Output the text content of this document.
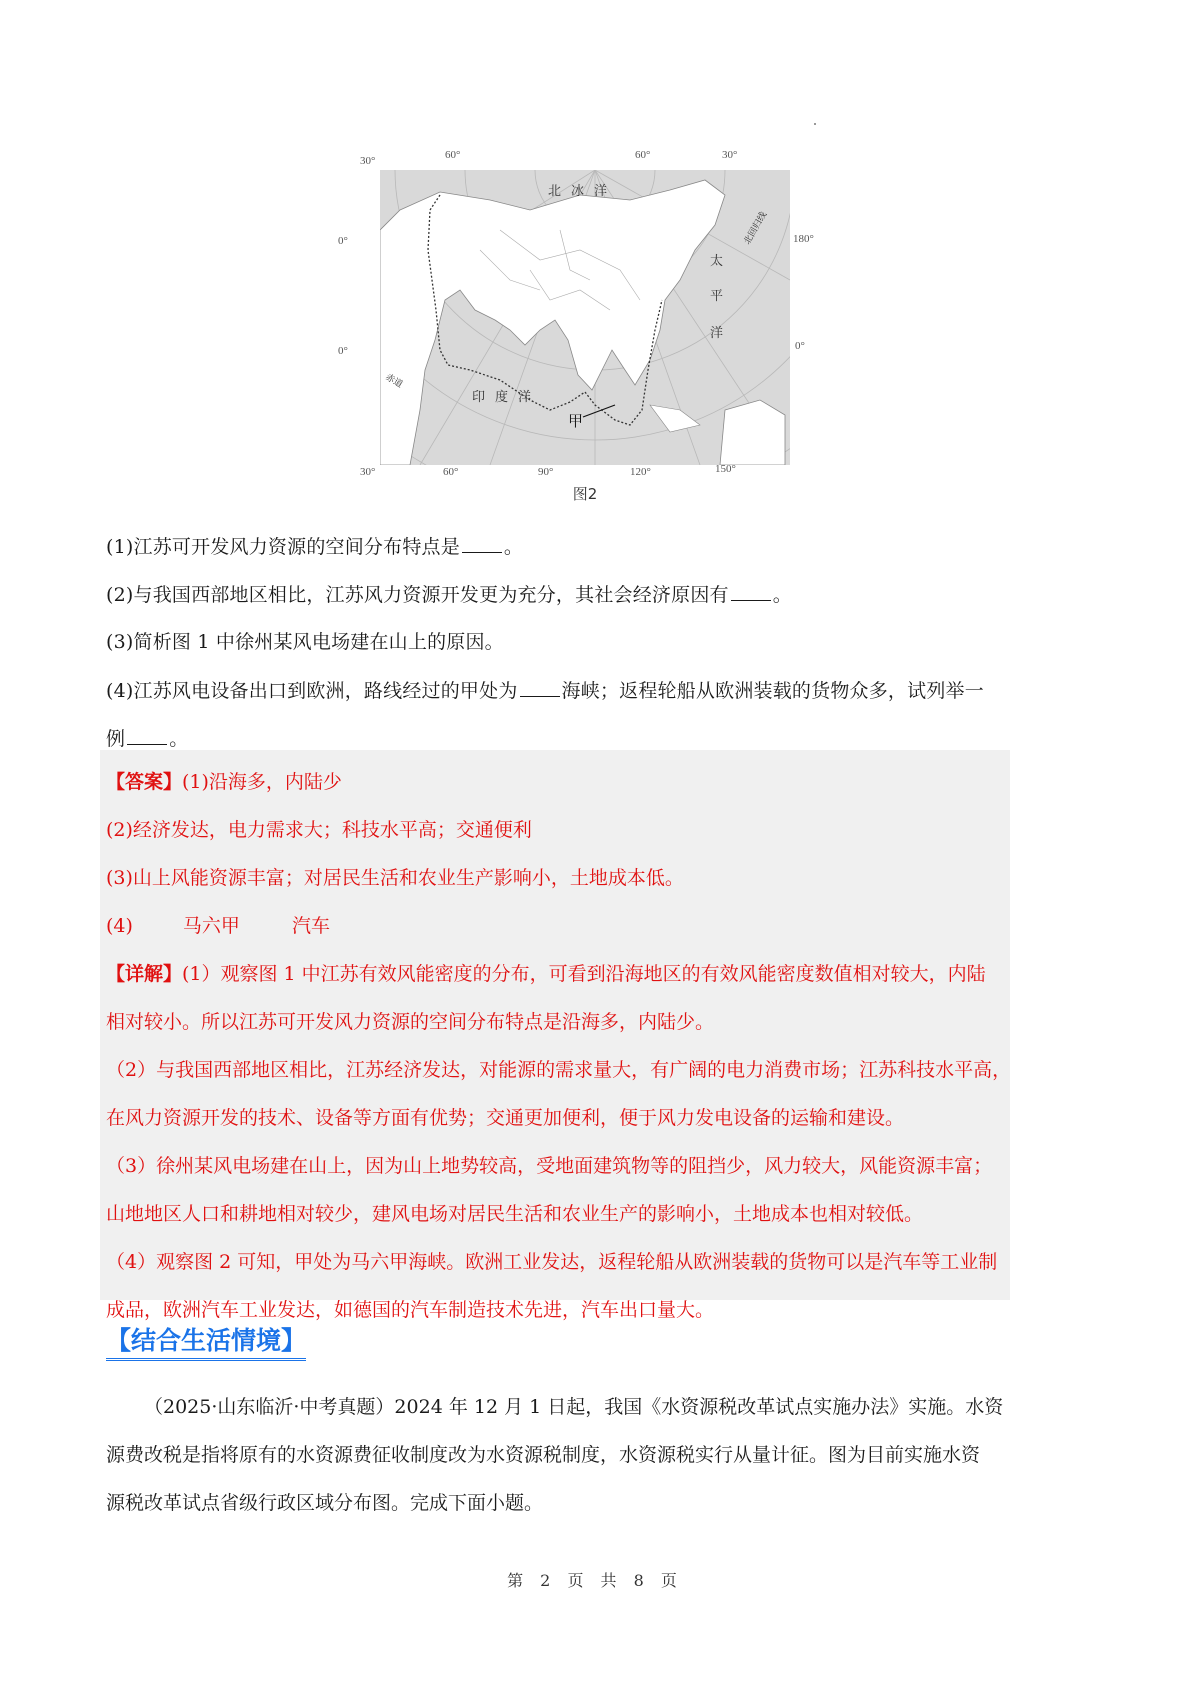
30°	60°	60°	30°
0°
0°
180°
0°
北冰洋
太
平
洋
印度洋
北回归线
赤道
甲
30°	60°	90°	120°	150°
图2
(1)江苏可开发风力资源的空间分布特点是 。
(2)与我国西部地区相比，江苏风力资源开发更为充分，其社会经济原因有 。
(3)简析图 1 中徐州某风电场建在山上的原因。
(4)江苏风电设备出口到欧洲，路线经过的甲处为 海峡；返程轮船从欧洲装载的货物众多，试列举一
例 。
【答案】(1)沿海多，内陆少
(2)经济发达，电力需求大；科技水平高；交通便利
(3)山上风能资源丰富；对居民生活和农业生产影响小，土地成本低。
(4)	马六甲	汽车
【详解】(1）观察图 1 中江苏有效风能密度的分布，可看到沿海地区的有效风能密度数值相对较大，内陆
相对较小。所以江苏可开发风力资源的空间分布特点是沿海多，内陆少。
（2）与我国西部地区相比，江苏经济发达，对能源的需求量大，有广阔的电力消费市场；江苏科技水平高，
在风力资源开发的技术、设备等方面有优势；交通更加便利，便于风力发电设备的运输和建设。
（3）徐州某风电场建在山上，因为山上地势较高，受地面建筑物等的阻挡少，风力较大，风能资源丰富；
山地地区人口和耕地相对较少，建风电场对居民生活和农业生产的影响小，土地成本也相对较低。
（4）观察图 2 可知，甲处为马六甲海峡。欧洲工业发达，返程轮船从欧洲装载的货物可以是汽车等工业制
成品，欧洲汽车工业发达，如德国的汽车制造技术先进，汽车出口量大。
【结合生活情境】
（2025·山东临沂·中考真题）2024 年 12 月 1 日起，我国《水资源税改革试点实施办法》实施。水资
源费改税是指将原有的水资源费征收制度改为水资源税制度，水资源税实行从量计征。图为目前实施水资
源税改革试点省级行政区域分布图。完成下面小题。
第 2 页 共 8 页
